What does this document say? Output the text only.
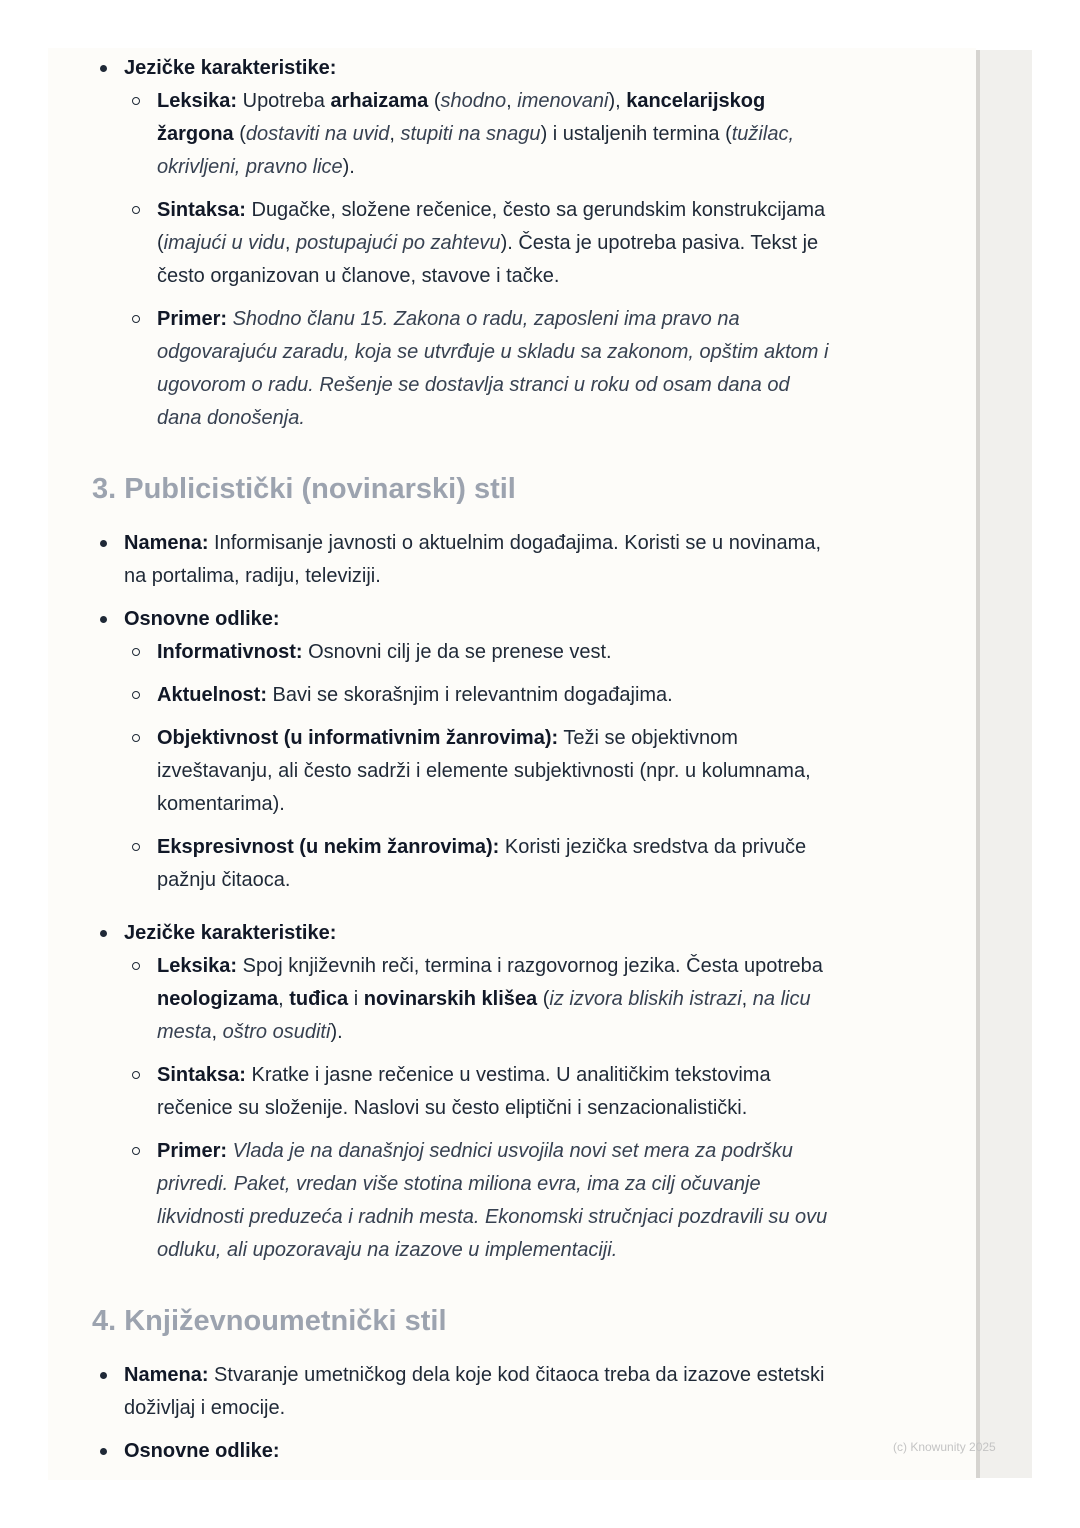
Jezičke karakteristike:
Leksika: Upotreba arhaizama (shodno, imenovani), kancelarijskog žargona (dostaviti na uvid, stupiti na snagu) i ustaljenih termina (tužilac, okrivljeni, pravno lice).
Sintaksa: Dugačke, složene rečenice, često sa gerundskim konstrukcijama (imajući u vidu, postupajući po zahtevu). Česta je upotreba pasiva. Tekst je često organizovan u članove, stavove i tačke.
Primer: Shodno članu 15. Zakona o radu, zaposleni ima pravo na odgovarajuću zaradu, koja se utvrđuje u skladu sa zakonom, opštim aktom i ugovorom o radu. Rešenje se dostavlja stranci u roku od osam dana od dana donošenja.
3. Publicistički (novinarski) stil
Namena: Informisanje javnosti o aktuelnim događajima. Koristi se u novinama, na portalima, radiju, televiziji.
Osnovne odlike:
Informativnost: Osnovni cilj je da se prenese vest.
Aktuelnost: Bavi se skorašnjim i relevantnim događajima.
Objektivnost (u informativnim žanrovima): Teži se objektivnom izveštavanju, ali često sadrži i elemente subjektivnosti (npr. u kolumnama, komentarima).
Ekspresivnost (u nekim žanrovima): Koristi jezička sredstva da privuče pažnju čitaoca.
Jezičke karakteristike:
Leksika: Spoj književnih reči, termina i razgovornog jezika. Česta upotreba neologizama, tuđica i novinarskih klišea (iz izvora bliskih istrazi, na licu mesta, oštro osuditi).
Sintaksa: Kratke i jasne rečenice u vestima. U analitičkim tekstovima rečenice su složenije. Naslovi su često eliptični i senzacionalistički.
Primer: Vlada je na današnjoj sednici usvojila novi set mera za podršku privredi. Paket, vredan više stotina miliona evra, ima za cilj očuvanje likvidnosti preduzeća i radnih mesta. Ekonomski stručnjaci pozdravili su ovu odluku, ali upozoravaju na izazove u implementaciji.
4. Književnoumetnički stil
Namena: Stvaranje umetničkog dela koje kod čitaoca treba da izazove estetski doživljaj i emocije.
Osnovne odlike:	(c) Knowunity 2025
